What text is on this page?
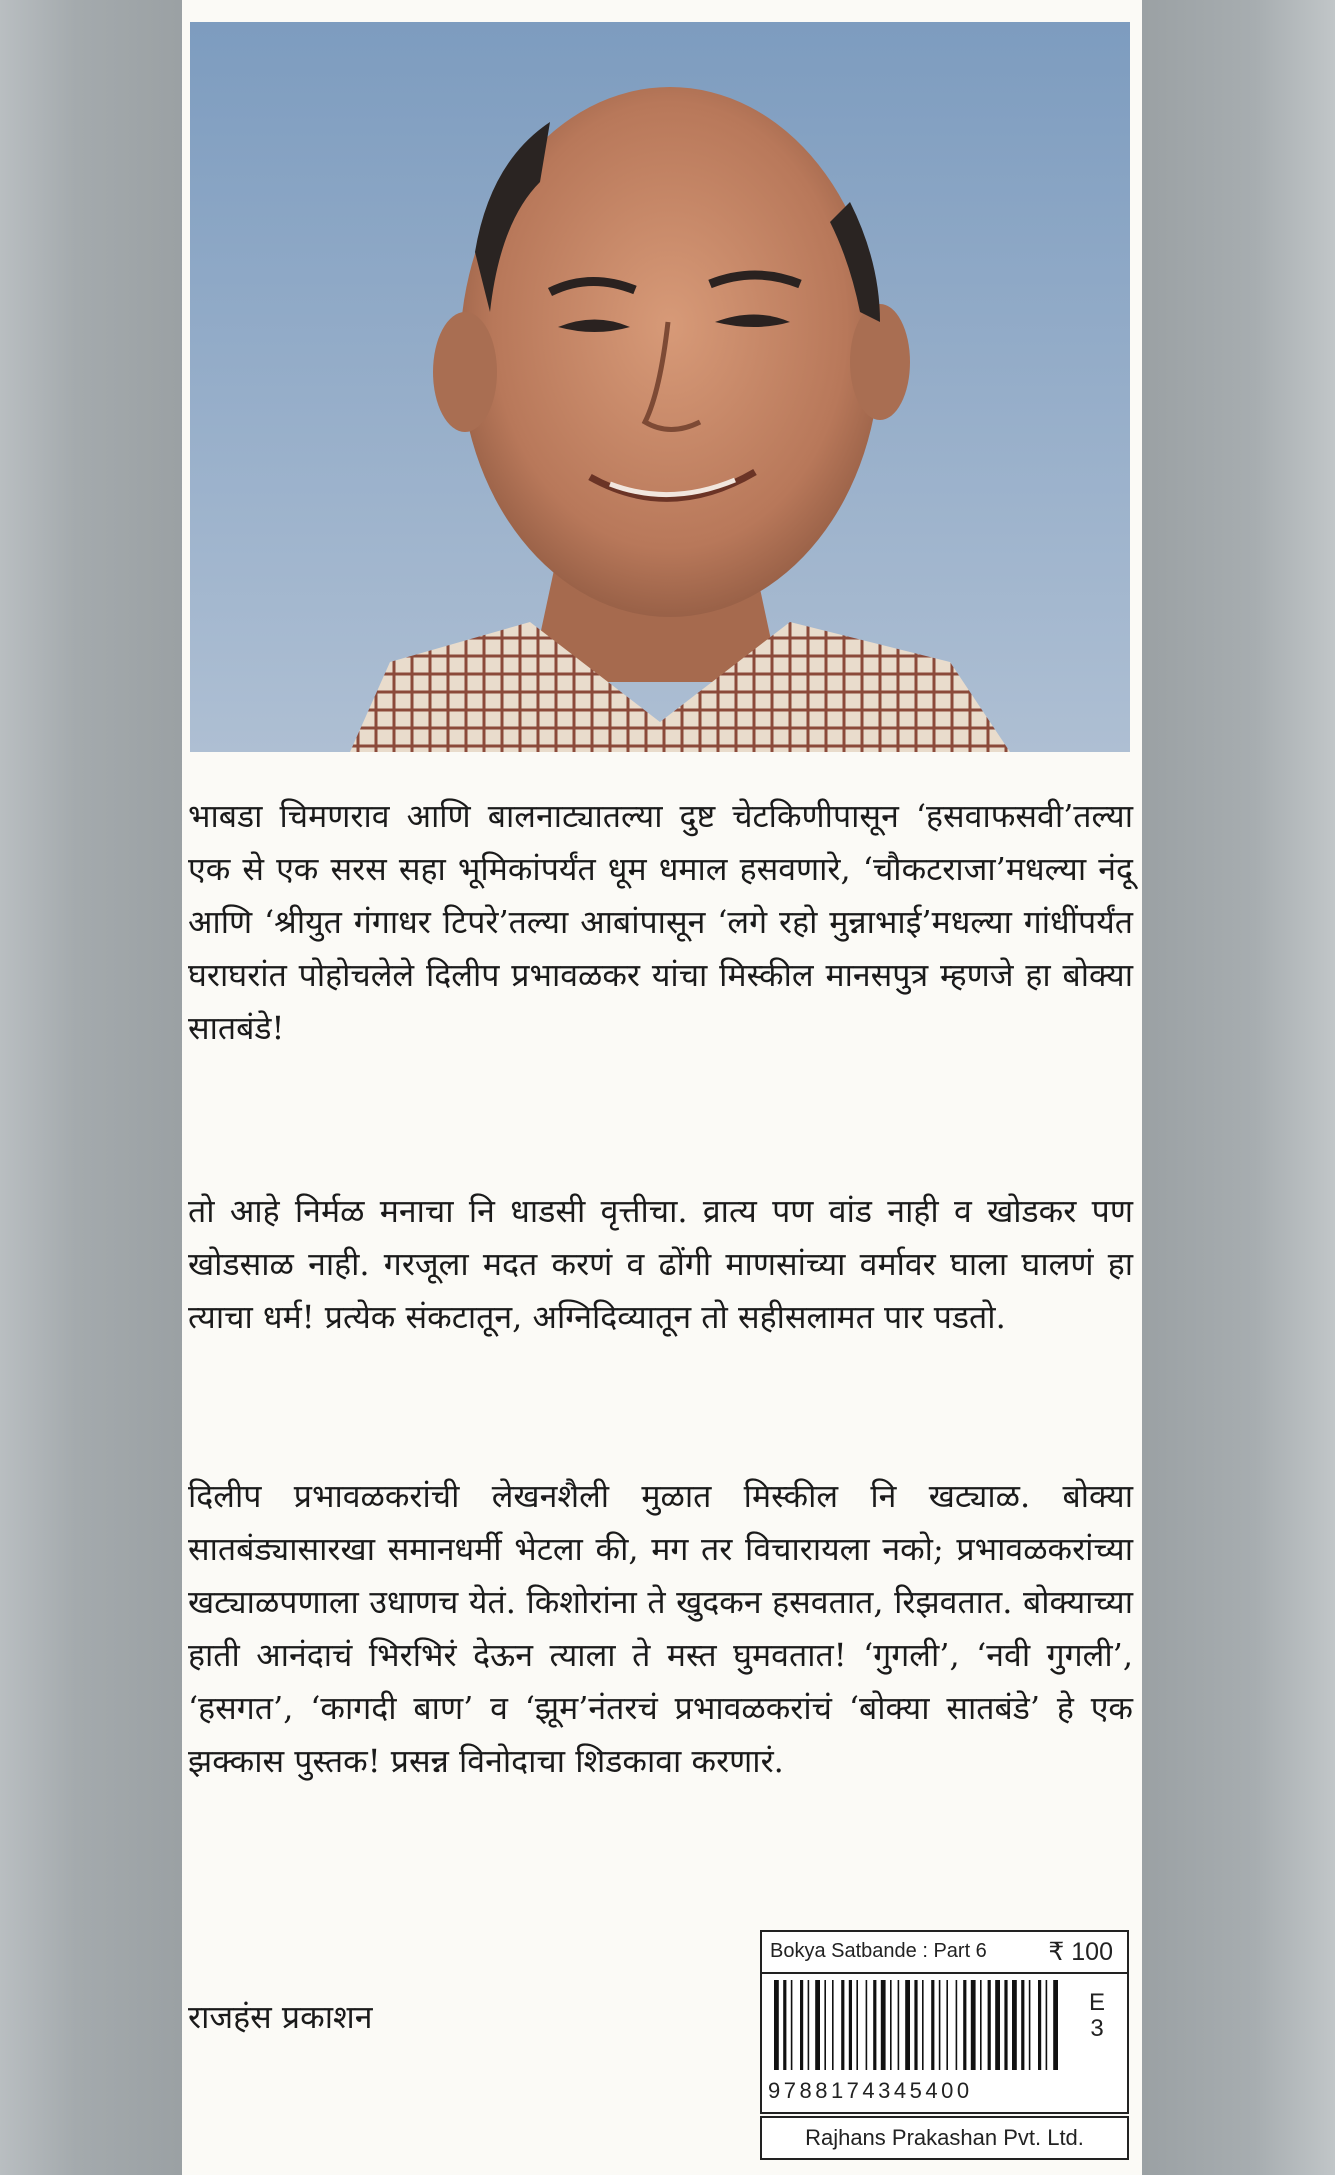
भाबडा चिमणराव आणि बालनाट्यातल्या दुष्ट चेटकिणीपासून ‘हसवाफसवी’तल्या एक से एक सरस सहा भूमिकांपर्यंत धूम धमाल हसवणारे, ‘चौकटराजा’मधल्या नंदू आणि ‘श्रीयुत गंगाधर टिपरे’तल्या आबांपासून ‘लगे रहो मुन्नाभाई’मधल्या गांधींपर्यंत घराघरांत पोहोचलेले दिलीप प्रभावळकर यांचा मिस्कील मानसपुत्र म्हणजे हा बोक्या सातबंडे!

तो आहे निर्मळ मनाचा नि धाडसी वृत्तीचा. व्रात्य पण वांड नाही व खोडकर पण खोडसाळ नाही. गरजूला मदत करणं व ढोंगी माणसांच्या वर्मावर घाला घालणं हा त्याचा धर्म! प्रत्येक संकटातून, अग्निदिव्यातून तो सहीसलामत पार पडतो.

दिलीप प्रभावळकरांची लेखनशैली मुळात मिस्कील नि खट्याळ. बोक्या सातबंड्यासारखा समानधर्मी भेटला की, मग तर विचारायला नको; प्रभावळकरांच्या खट्याळपणाला उधाणच येतं. किशोरांना ते खुदकन हसवतात, रिझवतात. बोक्याच्या हाती आनंदाचं भिरभिरं देऊन त्याला ते मस्त घुमवतात! ‘गुगली’, ‘नवी गुगली’, ‘हसगत’, ‘कागदी बाण’ व ‘झूम’नंतरचं प्रभावळकरांचं ‘बोक्या सातबंडे’ हे एक झक्कास पुस्तक! प्रसन्न विनोदाचा शिडकावा करणारं.

राजहंस प्रकाशन
Bokya Satbande : Part 6 ₹ 100
E
3
9788174345400
Rajhans Prakashan Pvt. Ltd.
